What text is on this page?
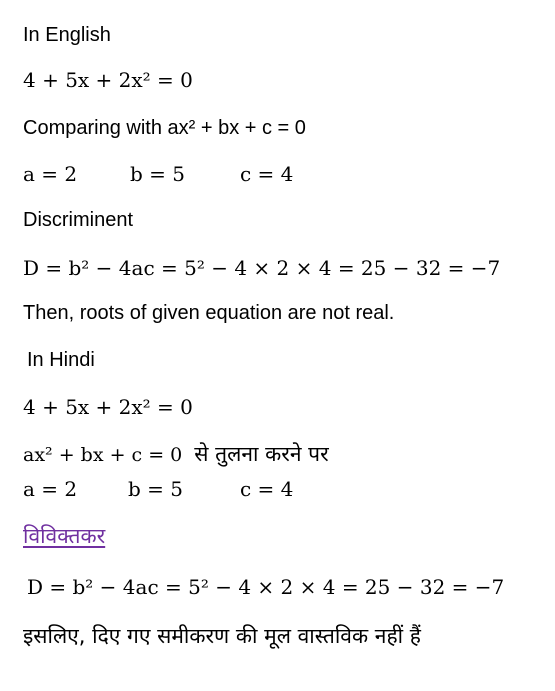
In English
4 + 5x + 2x² = 0
Comparing with ax² + bx + c = 0
a = 2	b = 5	c = 4
Discriminent
D = b² − 4ac = 5² − 4 × 2 × 4 = 25 − 32 = −7
Then, roots of given equation are not real.
In Hindi
4 + 5x + 2x² = 0
ax² + bx + c = 0 से तुलना करने पर
a = 2	b = 5	c = 4
विविक्तकर
D = b² − 4ac = 5² − 4 × 2 × 4 = 25 − 32 = −7
इसलिए, दिए गए समीकरण की मूल वास्तविक नहीं हैं
